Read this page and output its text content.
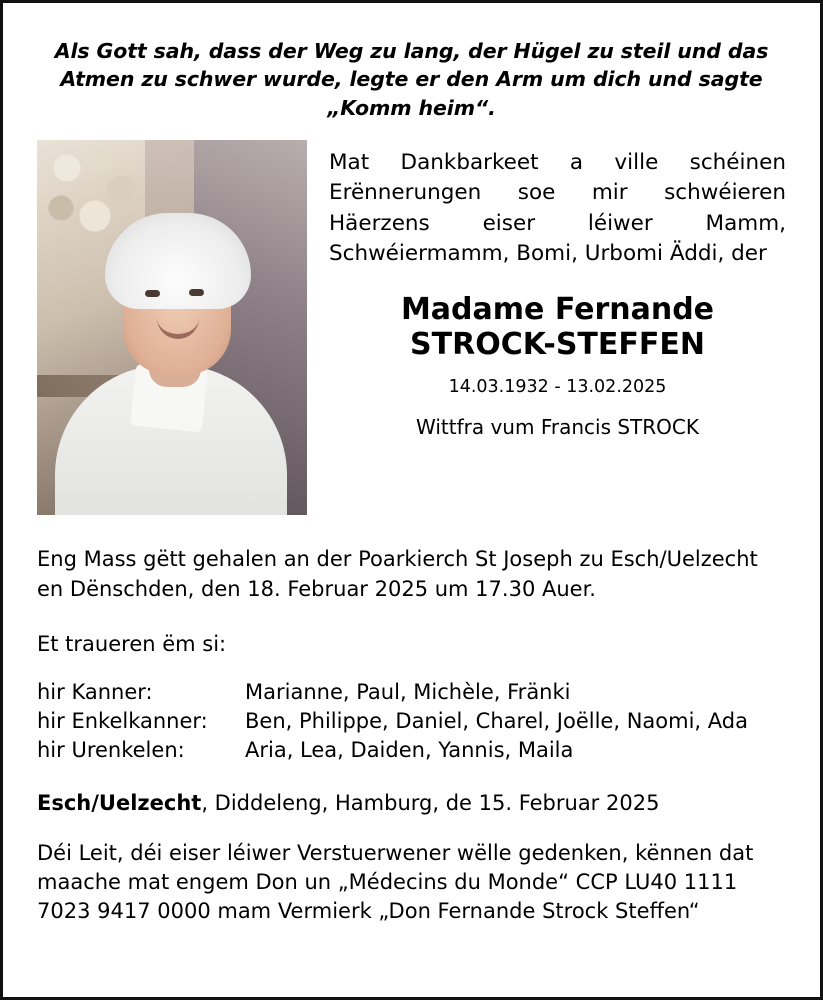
Als Gott sah, dass der Weg zu lang, der Hügel zu steil und das Atmen zu schwer wurde, legte er den Arm um dich und sagte „Komm heim“.

Mat Dankbarkeet a ville schéinen Erënnerungen soe mir schwéieren Häerzens eiser léiwer Mamm, Schwéiermamm, Bomi, Urbomi Äddi, der

Madame Fernande
STROCK-STEFFEN
14.03.1932 - 13.02.2025
Wittfra vum Francis STROCK

Eng Mass gëtt gehalen an der Poarkierch St Joseph zu Esch/Uelzecht en Dënschden, den 18. Februar 2025 um 17.30 Auer.

Et traueren ëm si:

hir Kanner:	Marianne, Paul, Michèle, Fränki
hir Enkelkanner:	Ben, Philippe, Daniel, Charel, Joëlle, Naomi, Ada
hir Urenkelen:	Aria, Lea, Daiden, Yannis, Maila

Esch/Uelzecht, Diddeleng, Hamburg, de 15. Februar 2025

Déi Leit, déi eiser léiwer Verstuerwener wëlle gedenken, kënnen dat maache mat engem Don un „Médecins du Monde“ CCP LU40 1111 7023 9417 0000 mam Vermierk „Don Fernande Strock Steffen“
